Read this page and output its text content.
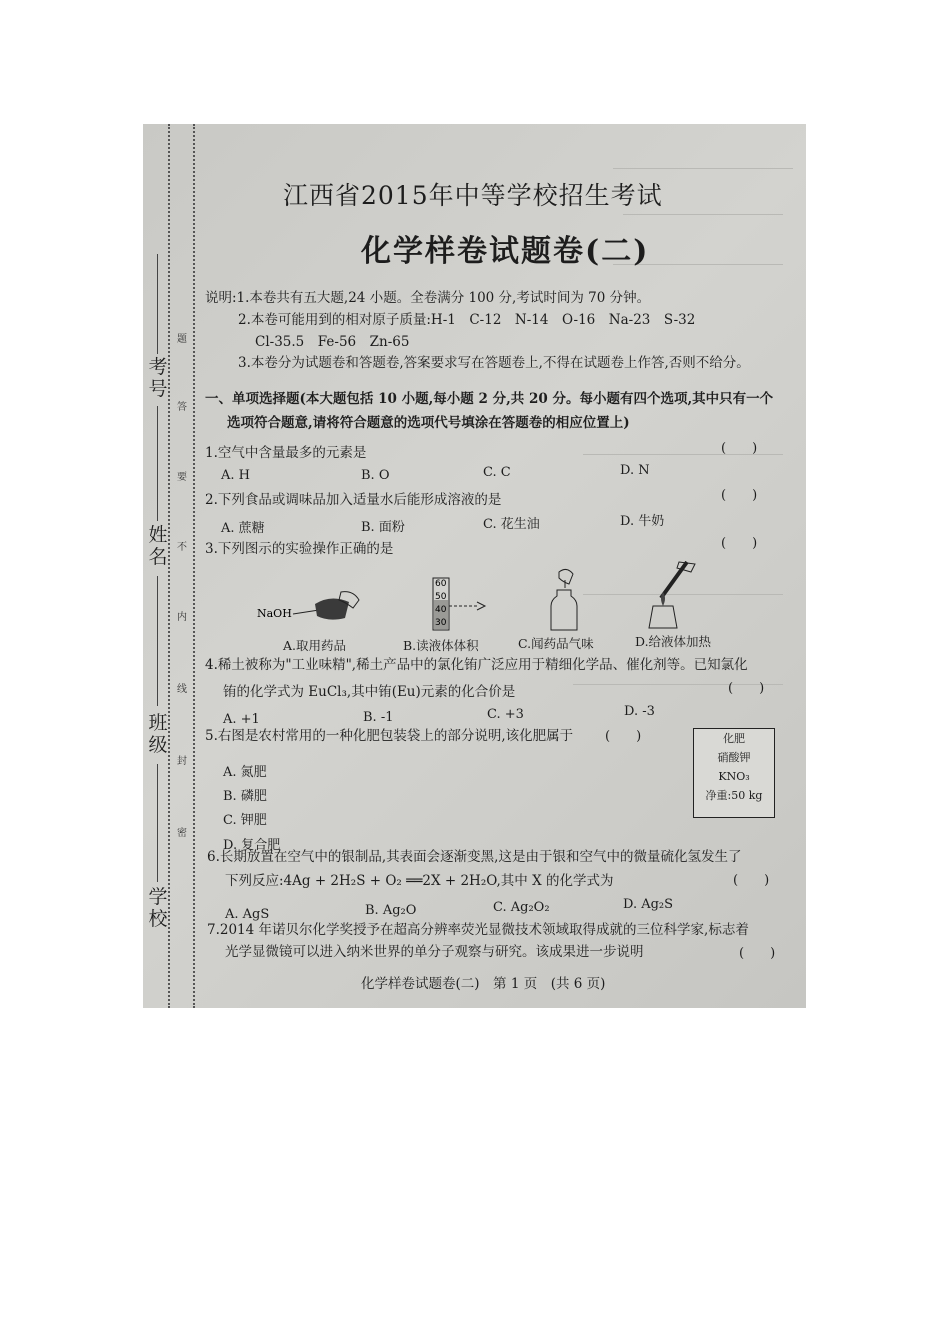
考号
姓名
班级
学校
题
答
要
不
内
线
封
密
江西省2015年中等学校招生考试
化学样卷试题卷(二)
说明:1.本卷共有五大题,24 小题。全卷满分 100 分,考试时间为 70 分钟。
2.本卷可能用到的相对原子质量:H-1　C-12　N-14　O-16　Na-23　S-32
Cl-35.5　Fe-56　Zn-65
3.本卷分为试题卷和答题卷,答案要求写在答题卷上,不得在试题卷上作答,否则不给分。
一、单项选择题(本大题包括 10 小题,每小题 2 分,共 20 分。每小题有四个选项,其中只有一个
选项符合题意,请将符合题意的选项代号填涂在答题卷的相应位置上)
1.空气中含量最多的元素是	(　　)
A. H	B. O	C. C	D. N
2.下列食品或调味品加入适量水后能形成溶液的是	(　　)
A. 蔗糖	B. 面粉	C. 花生油	D. 牛奶
3.下列图示的实验操作正确的是	(　　)
NaOH
60
50
40
30
A.取用药品	B.读液体体积	C.闻药品气味	D.给液体加热
4.稀土被称为"工业味精",稀土产品中的氯化铕广泛应用于精细化学品、催化剂等。已知氯化
铕的化学式为 EuCl₃,其中铕(Eu)元素的化合价是	(　　)
A. +1	B. -1	C. +3	D. -3
5.右图是农村常用的一种化肥包装袋上的部分说明,该化肥属于 (　　)
A. 氮肥
B. 磷肥
C. 钾肥
D. 复合肥
化肥
硝酸钾
KNO₃
净重:50 kg
6.长期放置在空气中的银制品,其表面会逐渐变黑,这是由于银和空气中的微量硫化氢发生了
下列反应:4Ag + 2H₂S + O₂ ══2X + 2H₂O,其中 X 的化学式为	(　　)
A. AgS	B. Ag₂O	C. Ag₂O₂	D. Ag₂S
7.2014 年诺贝尔化学奖授予在超高分辨率荧光显微技术领域取得成就的三位科学家,标志着
光学显微镜可以进入纳米世界的单分子观察与研究。该成果进一步说明	(　　)
化学样卷试题卷(二)　第 1 页　(共 6 页)
